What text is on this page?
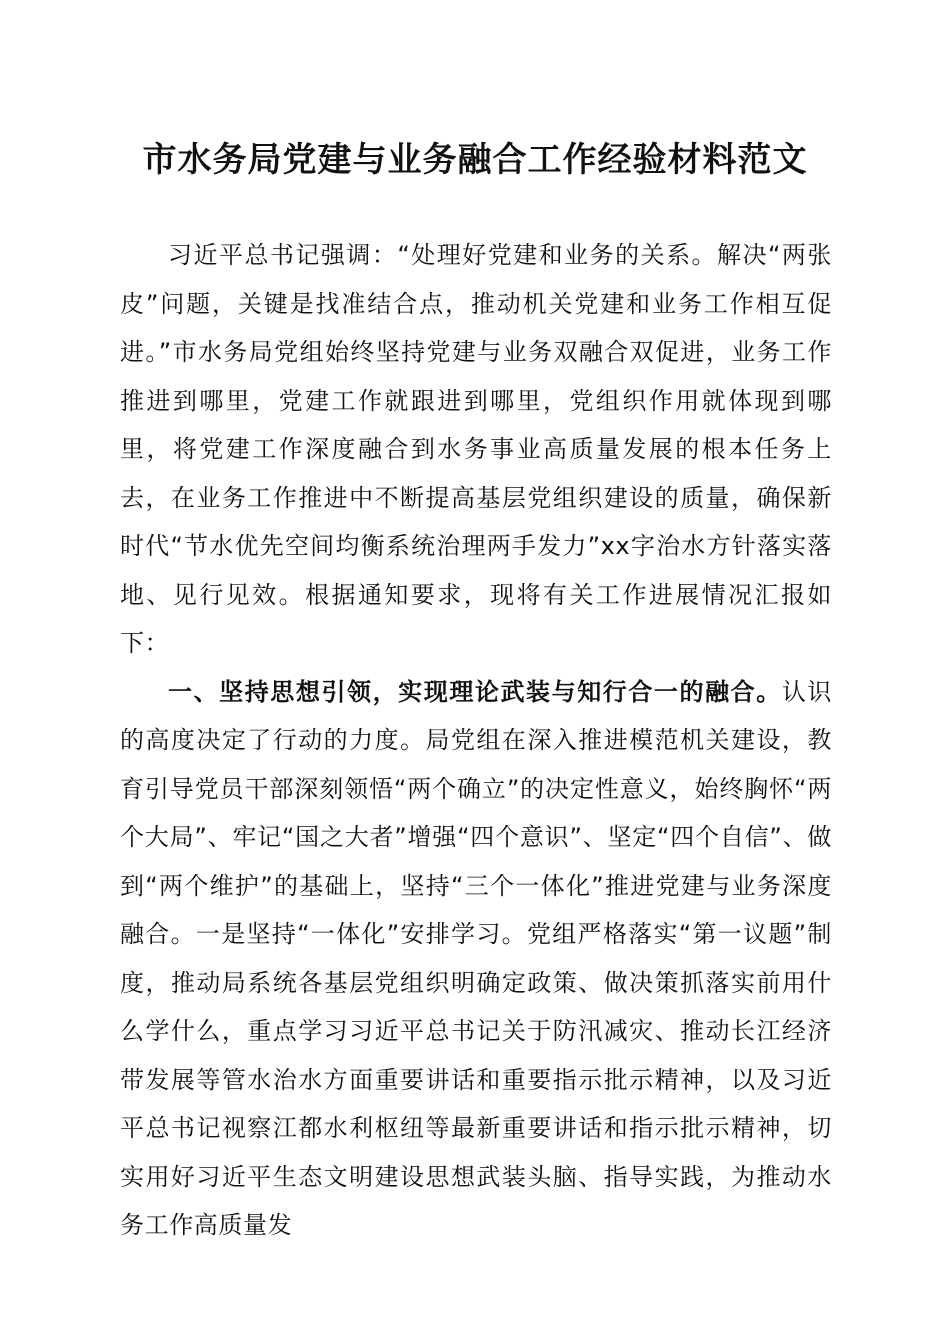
市水务局党建与业务融合工作经验材料范文

习近平总书记强调：“处理好党建和业务的关系。解决“两张皮”问题，关键是找准结合点，推动机关党建和业务工作相互促进。”市水务局党组始终坚持党建与业务双融合双促进，业务工作推进到哪里，党建工作就跟进到哪里，党组织作用就体现到哪里，将党建工作深度融合到水务事业高质量发展的根本任务上去，在业务工作推进中不断提高基层党组织建设的质量，确保新时代“节水优先空间均衡系统治理两手发力”xx字治水方针落实落地、见行见效。根据通知要求，现将有关工作进展情况汇报如下：

一、坚持思想引领，实现理论武装与知行合一的融合。认识的高度决定了行动的力度。局党组在深入推进模范机关建设，教育引导党员干部深刻领悟“两个确立”的决定性意义，始终胸怀“两个大局”、牢记“国之大者”增强“四个意识”、坚定“四个自信”、做到“两个维护”的基础上，坚持“三个一体化”推进党建与业务深度融合。一是坚持“一体化”安排学习。党组严格落实“第一议题”制度，推动局系统各基层党组织明确定政策、做决策抓落实前用什么学什么，重点学习习近平总书记关于防汛减灾、推动长江经济带发展等管水治水方面重要讲话和重要指示批示精神，以及习近平总书记视察江都水利枢纽等最新重要讲话和指示批示精神，切实用好习近平生态文明建设思想武装头脑、指导实践，为推动水务工作高质量发
